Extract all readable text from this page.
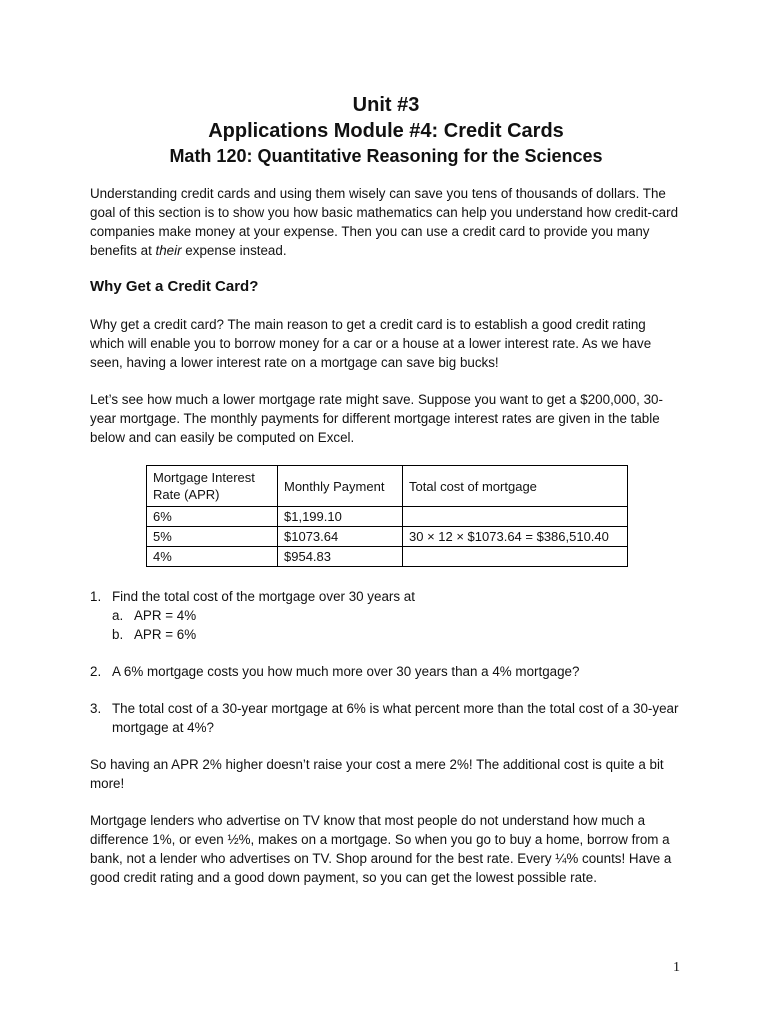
Unit #3
Applications Module #4: Credit Cards
Math 120: Quantitative Reasoning for the Sciences

Understanding credit cards and using them wisely can save you tens of thousands of dollars. The goal of this section is to show you how basic mathematics can help you understand how credit-card companies make money at your expense. Then you can use a credit card to provide you many benefits at their expense instead.

Why Get a Credit Card?

Why get a credit card? The main reason to get a credit card is to establish a good credit rating which will enable you to borrow money for a car or a house at a lower interest rate. As we have seen, having a lower interest rate on a mortgage can save big bucks!

Let’s see how much a lower mortgage rate might save. Suppose you want to get a $200,000, 30-year mortgage. The monthly payments for different mortgage interest rates are given in the table below and can easily be computed on Excel.

Mortgage Interest Rate (APR)	Monthly Payment	Total cost of mortgage
6%	$1,199.10	
5%	$1073.64	30 × 12 × $1073.64 = $386,510.40
4%	$954.83	
1. Find the total cost of the mortgage over 30 years at
a. APR = 4%
b. APR = 6%
2. A 6% mortgage costs you how much more over 30 years than a 4% mortgage?
3. The total cost of a 30-year mortgage at 6% is what percent more than the total cost of a 30-year mortgage at 4%?

So having an APR 2% higher doesn’t raise your cost a mere 2%! The additional cost is quite a bit more!

Mortgage lenders who advertise on TV know that most people do not understand how much a difference 1%, or even ½%, makes on a mortgage. So when you go to buy a home, borrow from a bank, not a lender who advertises on TV. Shop around for the best rate. Every ¼% counts! Have a good credit rating and a good down payment, so you can get the lowest possible rate.

1
